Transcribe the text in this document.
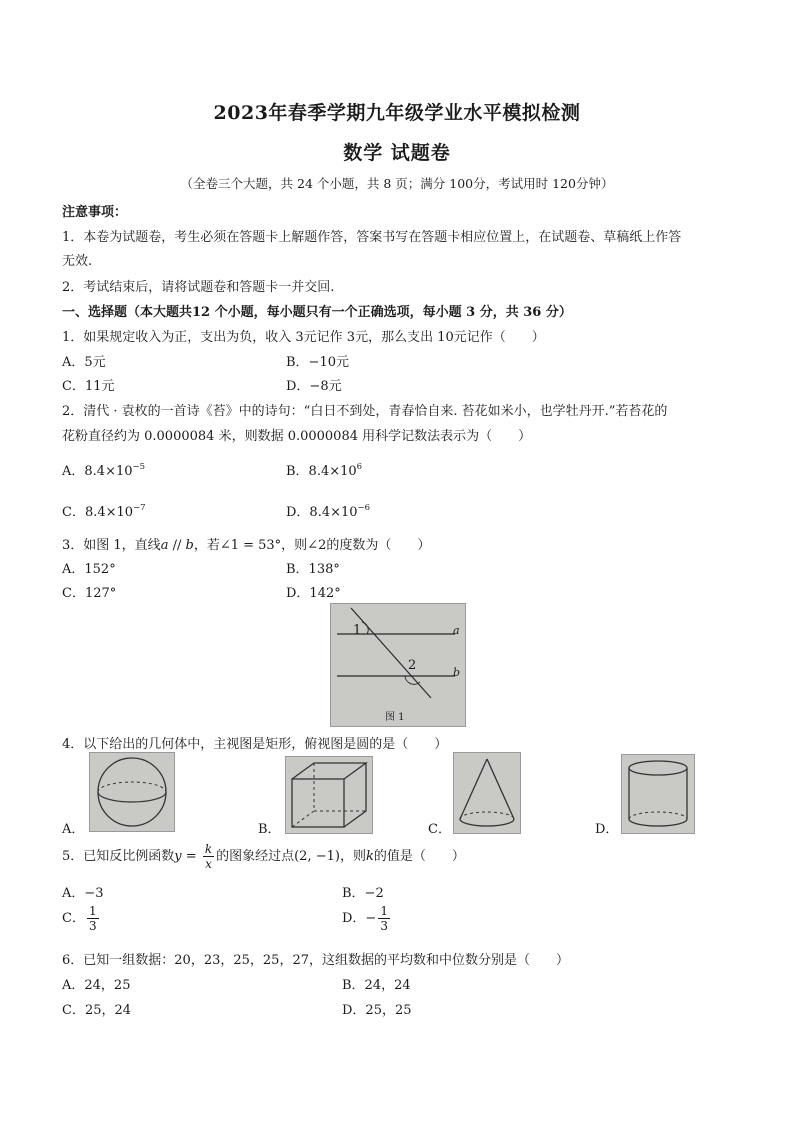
2023年春季学期九年级学业水平模拟检测
数学 试题卷
（全卷三个大题，共 24 个小题，共 8 页；满分 100分，考试用时 120分钟）
注意事项：
1．本卷为试题卷，考生必须在答题卡上解题作答，答案书写在答题卡相应位置上，在试题卷、草稿纸上作答
无效.
2．考试结束后，请将试题卷和答题卡一并交回.
一、选择题（本大题共12 个小题，每小题只有一个正确选项，每小题 3 分，共 36 分）
1．如果规定收入为正，支出为负，收入 3元记作 3元，那么支出 10元记作（　　）
A．5元	B．−10元
C．11元	D．−8元
2．清代 · 袁枚的一首诗《苔》中的诗句：“白日不到处，青春恰自来. 苔花如米小，也学牡丹开.”若苔花的
花粉直径约为 0.0000084 米，则数据 0.0000084 用科学记数法表示为（　　）
A．$8.4\times 10^{-5}$	B．$8.4\times 10^6$
C．$8.4\times 10^{-7}$	D．$8.4\times 10^{-6}$
3．如图 1，直线a // b，若∠1 = 53°，则∠2的度数为（　　）
A．152°	B．138°
C．127°	D．142°
1
2
a
b
图 1
4．以下给出的几何体中，主视图是矩形，俯视图是圆的是（　　）
A．	B．	C．	D．
5．已知反比例函数$y = \frac{k}{x}$ 的图象经过点(2, −1)，则k的值是（　　）
A．−3	B．−2
C． $\frac{1}{3}$	D．− $\frac{1}{3}$
6．已知一组数据：20，23，25，25，27，这组数据的平均数和中位数分别是（　　）
A．24，25	B．24，24
C．25，24	D．25，25
